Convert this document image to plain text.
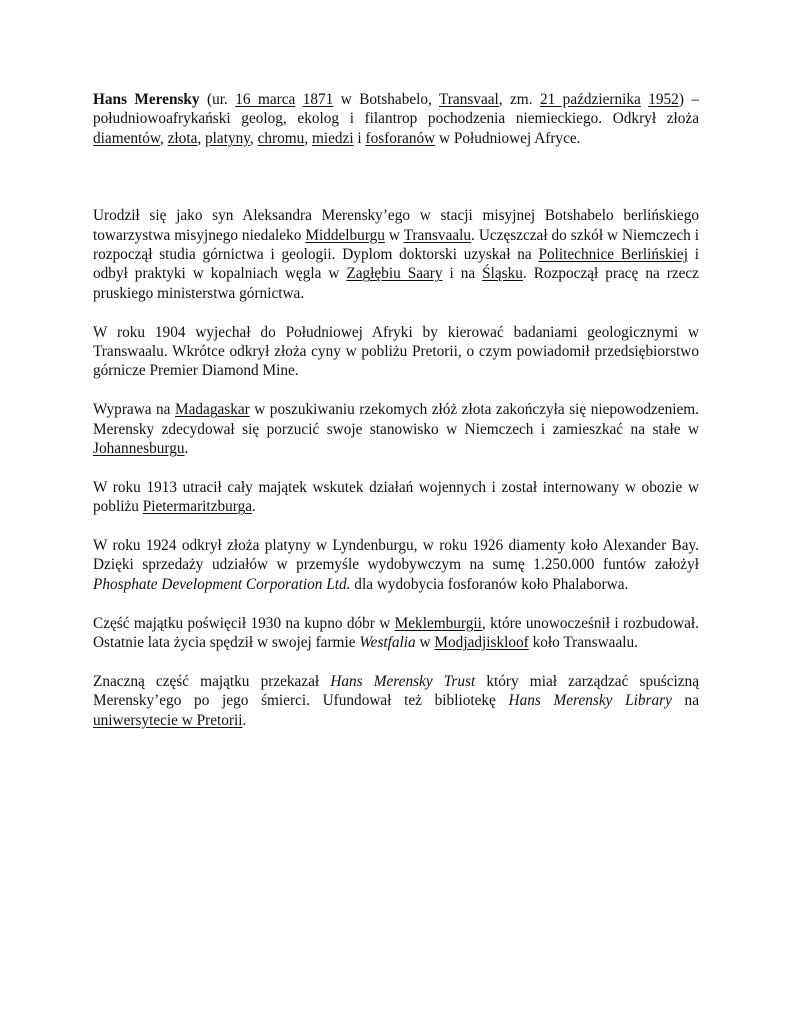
Hans Merensky (ur. 16 marca 1871 w Botshabelo, Transvaal, zm. 21 października 1952) – południowoafrykański geolog, ekolog i filantrop pochodzenia niemieckiego. Odkrył złoża diamentów, złota, platyny, chromu, miedzi i fosforanów w Południowej Afryce.

Urodził się jako syn Aleksandra Merensky’ego w stacji misyjnej Botshabelo berlińskiego towarzystwa misyjnego niedaleko Middelburgu w Transvaalu. Uczęszczał do szkół w Niemczech i rozpoczął studia górnictwa i geologii. Dyplom doktorski uzyskał na Politechnice Berlińskiej i odbył praktyki w kopalniach węgla w Zagłębiu Saary i na Śląsku. Rozpoczął pracę na rzecz pruskiego ministerstwa górnictwa.

W roku 1904 wyjechał do Południowej Afryki by kierować badaniami geologicznymi w Transwaalu. Wkrótce odkrył złoża cyny w pobliżu Pretorii, o czym powiadomił przedsiębiorstwo górnicze Premier Diamond Mine.

Wyprawa na Madagaskar w poszukiwaniu rzekomych złóż złota zakończyła się niepowodzeniem. Merensky zdecydował się porzucić swoje stanowisko w Niemczech i zamieszkać na stałe w Johannesburgu.

W roku 1913 utracił cały majątek wskutek działań wojennych i został internowany w obozie w pobliżu Pietermaritzburga.

W roku 1924 odkrył złoża platyny w Lyndenburgu, w roku 1926 diamenty koło Alexander Bay. Dzięki sprzedaży udziałów w przemyśle wydobywczym na sumę 1.250.000 funtów założył Phosphate Development Corporation Ltd. dla wydobycia fosforanów koło Phalaborwa.

Część majątku poświęcił 1930 na kupno dóbr w Meklemburgii, które unowocześnił i rozbudował. Ostatnie lata życia spędził w swojej farmie Westfalia w Modjadjiskloof koło Transwaalu.

Znaczną część majątku przekazał Hans Merensky Trust który miał zarządzać spuścizną Merensky’ego po jego śmierci. Ufundował też bibliotekę Hans Merensky Library na uniwersytecie w Pretorii.
